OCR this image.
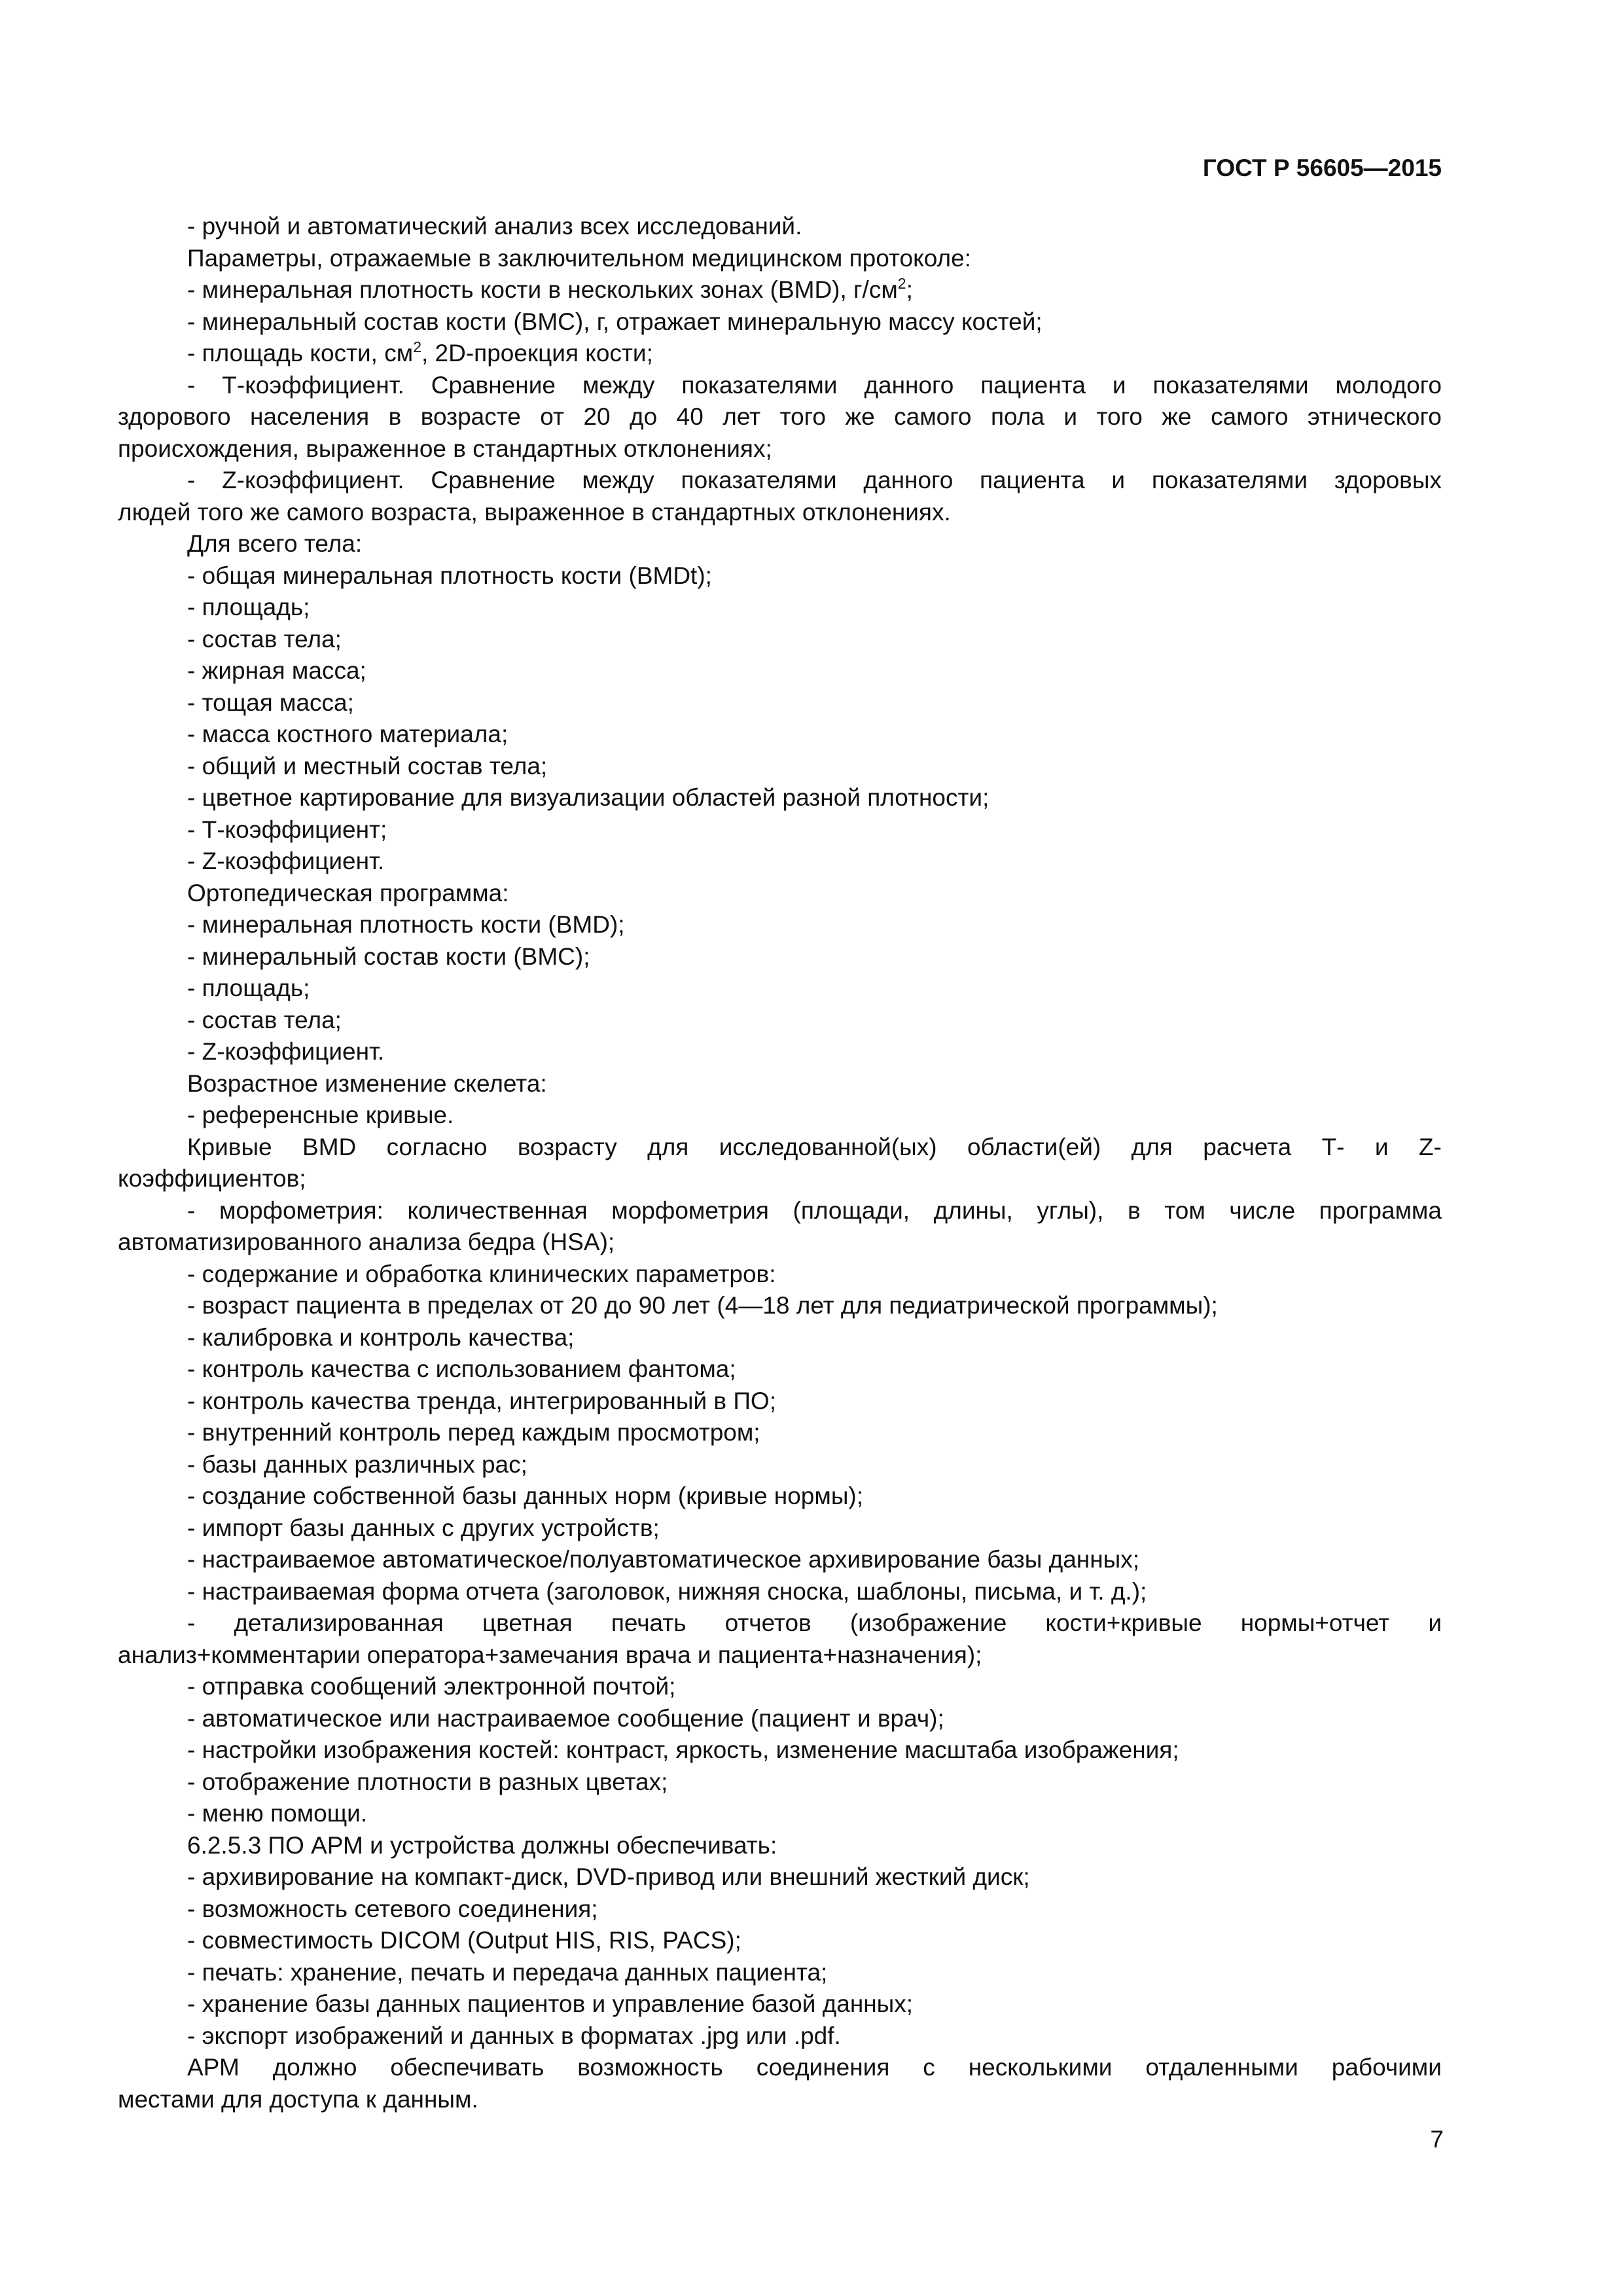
ГОСТ Р 56605—2015
- ручной и автоматический анализ всех исследований.
Параметры, отражаемые в заключительном медицинском протоколе:
- минеральная плотность кости в нескольких зонах (BMD), $г/см^2$;
- минеральный состав кости (BMC), г, отражает минеральную массу костей;
- площадь кости, $см^2$, 2D-проекция кости;
- Т-коэффициент. Сравнение между показателями данного пациента и показателями молодого
здорового населения в возрасте от 20 до 40 лет того же самого пола и того же самого этнического
происхождения, выраженное в стандартных отклонениях;
- Z-коэффициент. Сравнение между показателями данного пациента и показателями здоровых
людей того же самого возраста, выраженное в стандартных отклонениях.
Для всего тела:
- общая минеральная плотность кости (BMDt);
- площадь;
- состав тела;
- жирная масса;
- тощая масса;
- масса костного материала;
- общий и местный состав тела;
- цветное картирование для визуализации областей разной плотности;
- Т-коэффициент;
- Z-коэффициент.
Ортопедическая программа:
- минеральная плотность кости (BMD);
- минеральный состав кости (BMC);
- площадь;
- состав тела;
- Z-коэффициент.
Возрастное изменение скелета:
- референсные кривые.
Кривые BMD согласно возрасту для исследованной(ых) области(ей) для расчета Т- и Z-
коэффициентов;
- морфометрия: количественная морфометрия (площади, длины, углы), в том числе программа
автоматизированного анализа бедра (HSA);
- содержание и обработка клинических параметров:
- возраст пациента в пределах от 20 до 90 лет (4—18 лет для педиатрической программы);
- калибровка и контроль качества;
- контроль качества с использованием фантома;
- контроль качества тренда, интегрированный в ПО;
- внутренний контроль перед каждым просмотром;
- базы данных различных рас;
- создание собственной базы данных норм (кривые нормы);
- импорт базы данных с других устройств;
- настраиваемое автоматическое/полуавтоматическое архивирование базы данных;
- настраиваемая форма отчета (заголовок, нижняя сноска, шаблоны, письма, и т. д.);
- детализированная цветная печать отчетов (изображение кости+кривые нормы+отчет и
анализ+комментарии оператора+замечания врача и пациента+назначения);
- отправка сообщений электронной почтой;
- автоматическое или настраиваемое сообщение (пациент и врач);
- настройки изображения костей: контраст, яркость, изменение масштаба изображения;
- отображение плотности в разных цветах;
- меню помощи.
6.2.5.3 ПО АРМ и устройства должны обеспечивать:
- архивирование на компакт-диск, DVD-привод или внешний жесткий диск;
- возможность сетевого соединения;
- совместимость DICOM (Output HIS, RIS, PACS);
- печать: хранение, печать и передача данных пациента;
- хранение базы данных пациентов и управление базой данных;
- экспорт изображений и данных в форматах .jpg или .pdf.
АРМ должно обеспечивать возможность соединения с несколькими отдаленными рабочими
местами для доступа к данным.
7
